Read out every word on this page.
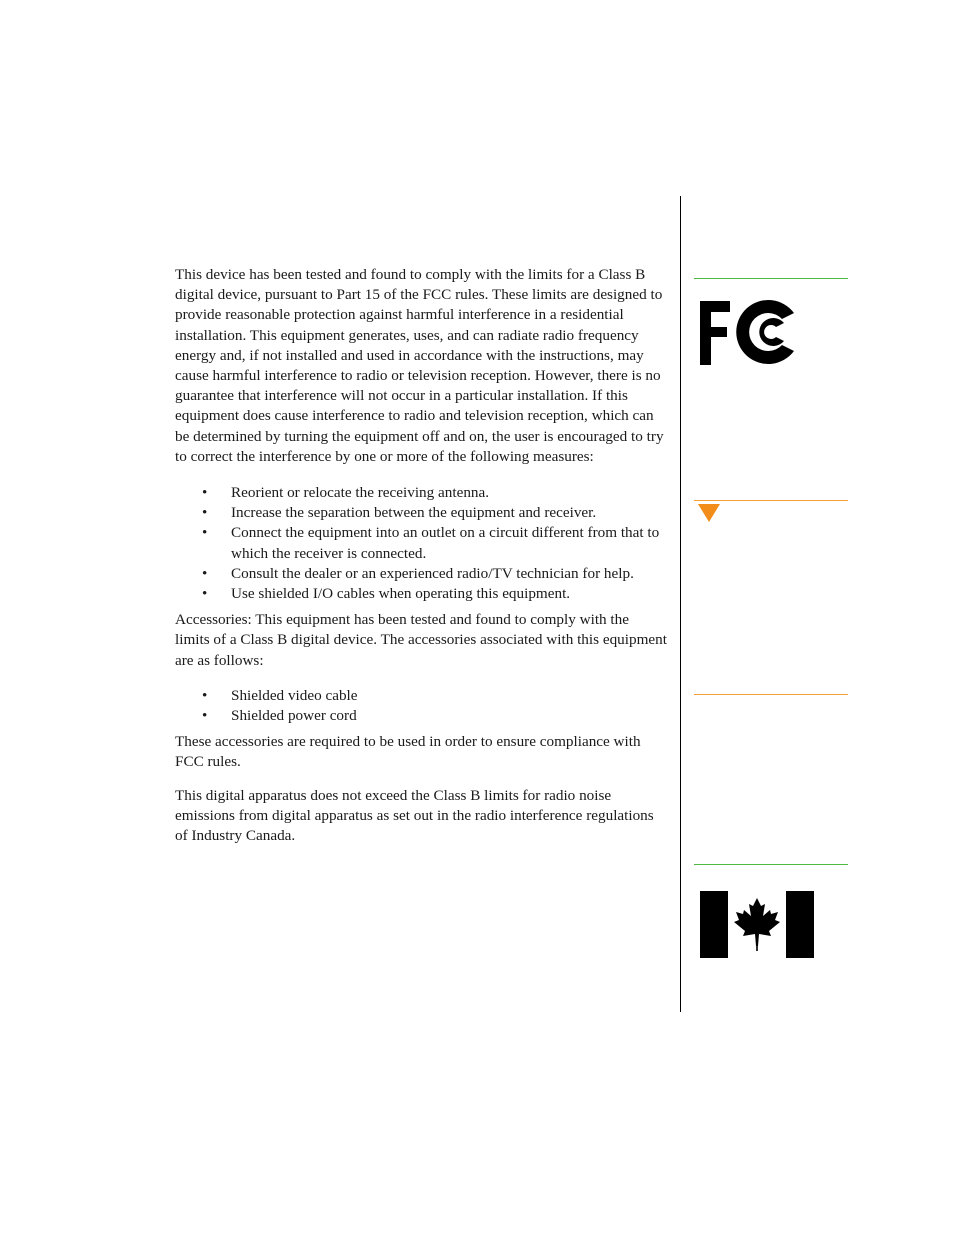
This device has been tested and found to comply with the limits for a Class B digital device, pursuant to Part 15 of the FCC rules. These limits are designed to provide reasonable protection against harmful interference in a residential installation. This equipment generates, uses, and can radiate radio frequency energy and, if not installed and used in accordance with the instructions, may cause harmful interference to radio or television reception. However, there is no guarantee that interference will not occur in a particular installation. If this equipment does cause interference to radio and television reception, which can be determined by turning the equipment off and on, the user is encouraged to try to correct the interference by one or more of the following measures:

• Reorient or relocate the receiving antenna.
• Increase the separation between the equipment and receiver.
• Connect the equipment into an outlet on a circuit different from that to which the receiver is connected.
• Consult the dealer or an experienced radio/TV technician for help.
• Use shielded I/O cables when operating this equipment.

Accessories: This equipment has been tested and found to comply with the limits of a Class B digital device. The accessories associated with this equipment are as follows:

• Shielded video cable
• Shielded power cord

These accessories are required to be used in order to ensure compliance with FCC rules.

This digital apparatus does not exceed the Class B limits for radio noise emissions from digital apparatus as set out in the radio interference regulations of Industry Canada.
